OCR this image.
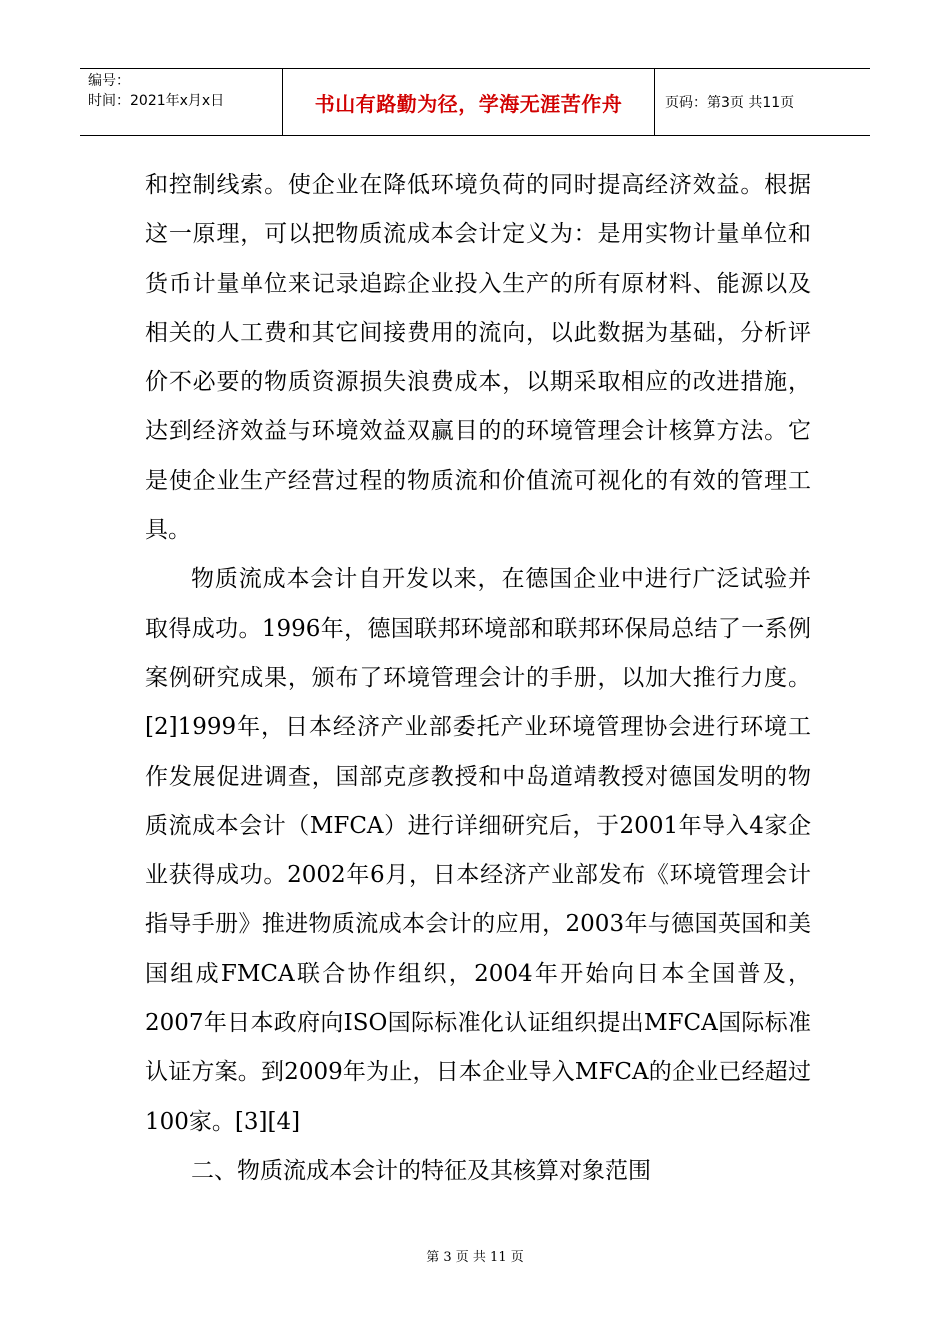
编号：
时间：2021年x月x日	书山有路勤为径，学海无涯苦作舟	页码：第3页 共11页

和控制线索。使企业在降低环境负荷的同时提高经济效益。根据这一原理，可以把物质流成本会计定义为：是用实物计量单位和货币计量单位来记录追踪企业投入生产的所有原材料、能源以及相关的人工费和其它间接费用的流向，以此数据为基础，分析评价不必要的物质资源损失浪费成本，以期采取相应的改进措施，达到经济效益与环境效益双赢目的的环境管理会计核算方法。它是使企业生产经营过程的物质流和价值流可视化的有效的管理工具。

物质流成本会计自开发以来，在德国企业中进行广泛试验并取得成功。1996年，德国联邦环境部和联邦环保局总结了一系例案例研究成果，颁布了环境管理会计的手册，以加大推行力度。[2]1999年，日本经济产业部委托产业环境管理协会进行环境工作发展促进调查，国部克彦教授和中岛道靖教授对德国发明的物质流成本会计（MFCA）进行详细研究后，于2001年导入4家企业获得成功。2002年6月，日本经济产业部发布《环境管理会计指导手册》推进物质流成本会计的应用，2003年与德国英国和美国组成FMCA联合协作组织，2004年开始向日本全国普及，2007年日本政府向ISO国际标准化认证组织提出MFCA国际标准认证方案。到2009年为止，日本企业导入MFCA的企业已经超过100家。[3][4]

二、物质流成本会计的特征及其核算对象范围

第 3 页 共 11 页
